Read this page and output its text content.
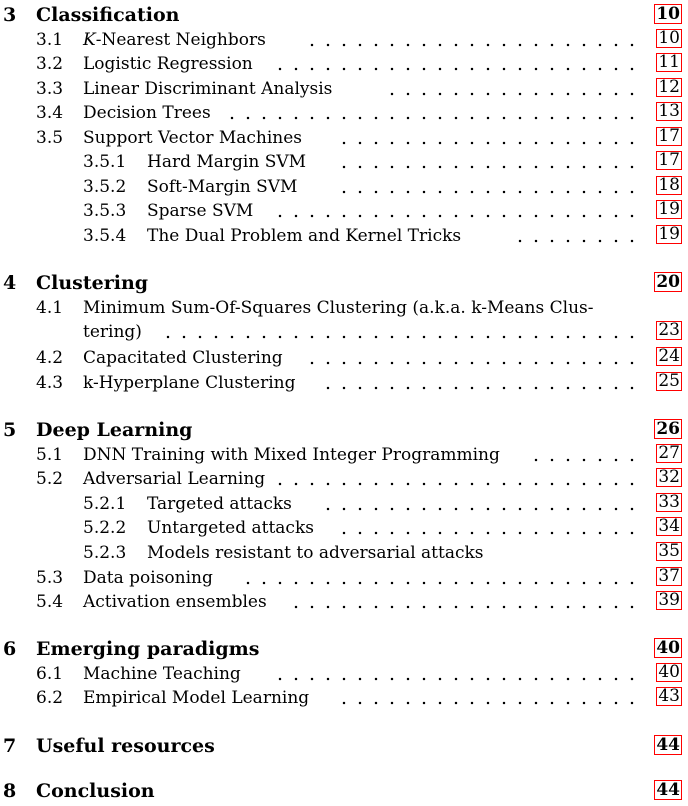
3 Classification	10
3.1 K-Nearest Neighbors	10
3.2 Logistic Regression	11
3.3 Linear Discriminant Analysis	12
3.4 Decision Trees	13
3.5 Support Vector Machines	17
3.5.1 Hard Margin SVM	17
3.5.2 Soft-Margin SVM	18
3.5.3 Sparse SVM	19
3.5.4 The Dual Problem and Kernel Tricks	19
4 Clustering	20
4.1 Minimum Sum-Of-Squares Clustering (a.k.a. k-Means Clus-
tering)	23
4.2 Capacitated Clustering	24
4.3 k-Hyperplane Clustering	25
5 Deep Learning	26
5.1 DNN Training with Mixed Integer Programming	27
5.2 Adversarial Learning	32
5.2.1 Targeted attacks	33
5.2.2 Untargeted attacks	34
5.2.3 Models resistant to adversarial attacks	35
5.3 Data poisoning	37
5.4 Activation ensembles	39
6 Emerging paradigms	40
6.1 Machine Teaching	40
6.2 Empirical Model Learning	43
7 Useful resources	44
8 Conclusion	44
